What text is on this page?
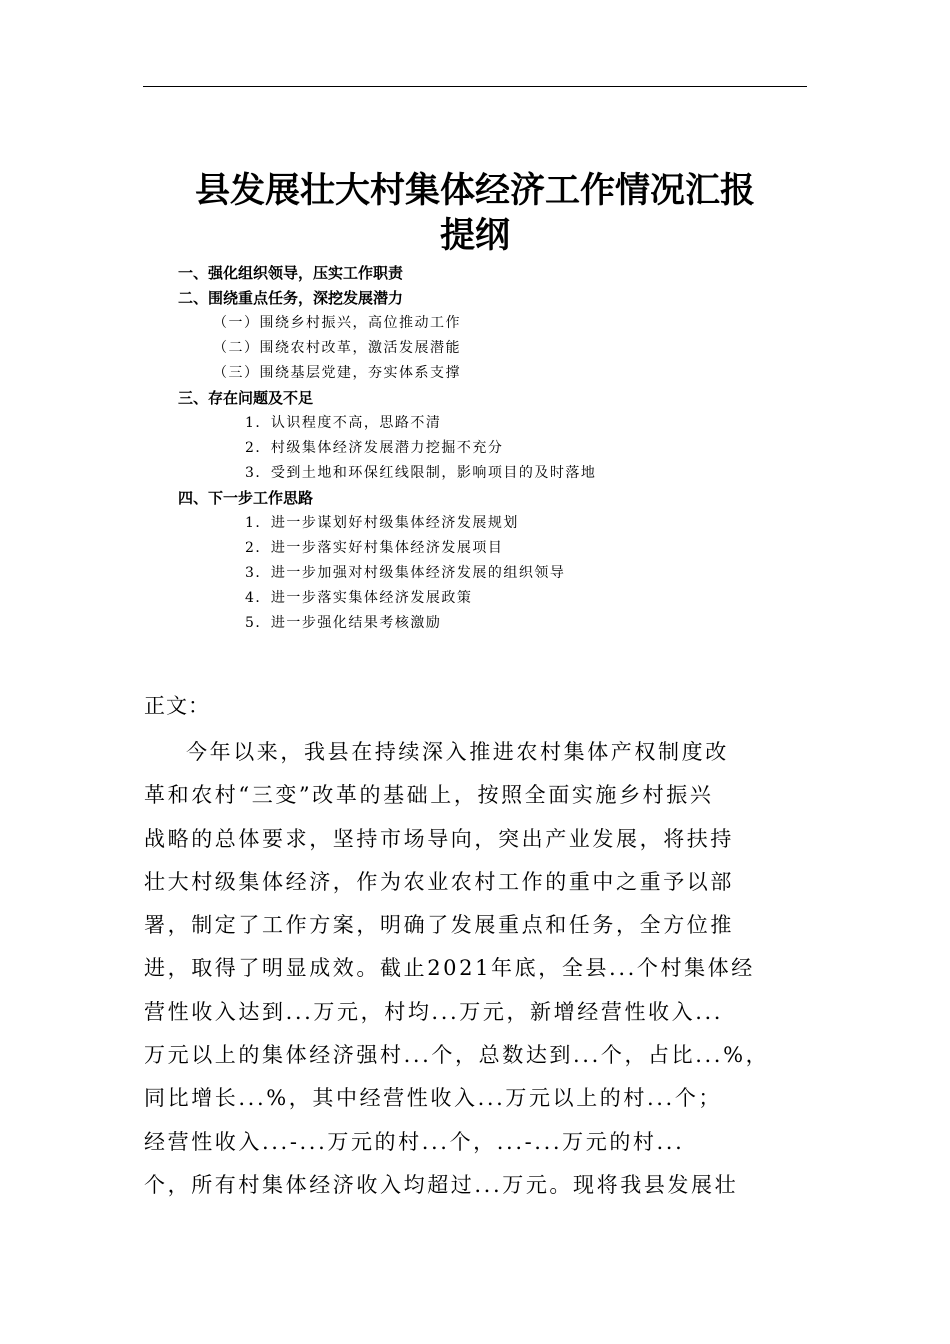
县发展壮大村集体经济工作情况汇报
提纲
一、强化组织领导，压实工作职责
二、围绕重点任务，深挖发展潜力
（一）围绕乡村振兴，高位推动工作
（二）围绕农村改革，激活发展潜能
（三）围绕基层党建，夯实体系支撑
三、存在问题及不足
1．认识程度不高，思路不清
2．村级集体经济发展潜力挖掘不充分
3．受到土地和环保红线限制，影响项目的及时落地
四、下一步工作思路
1．进一步谋划好村级集体经济发展规划
2．进一步落实好村集体经济发展项目
3．进一步加强对村级集体经济发展的组织领导
4．进一步落实集体经济发展政策
5．进一步强化结果考核激励
正文：
今年以来，我县在持续深入推进农村集体产权制度改
革和农村“三变”改革的基础上，按照全面实施乡村振兴
战略的总体要求，坚持市场导向，突出产业发展，将扶持
壮大村级集体经济，作为农业农村工作的重中之重予以部
署，制定了工作方案，明确了发展重点和任务，全方位推
进，取得了明显成效。截止2021年底，全县...个村集体经
营性收入达到...万元，村均...万元，新增经营性收入...
万元以上的集体经济强村...个，总数达到...个，占比...%，
同比增长...%，其中经营性收入...万元以上的村...个；
经营性收入...-...万元的村...个，...-...万元的村...
个，所有村集体经济收入均超过...万元。现将我县发展壮
